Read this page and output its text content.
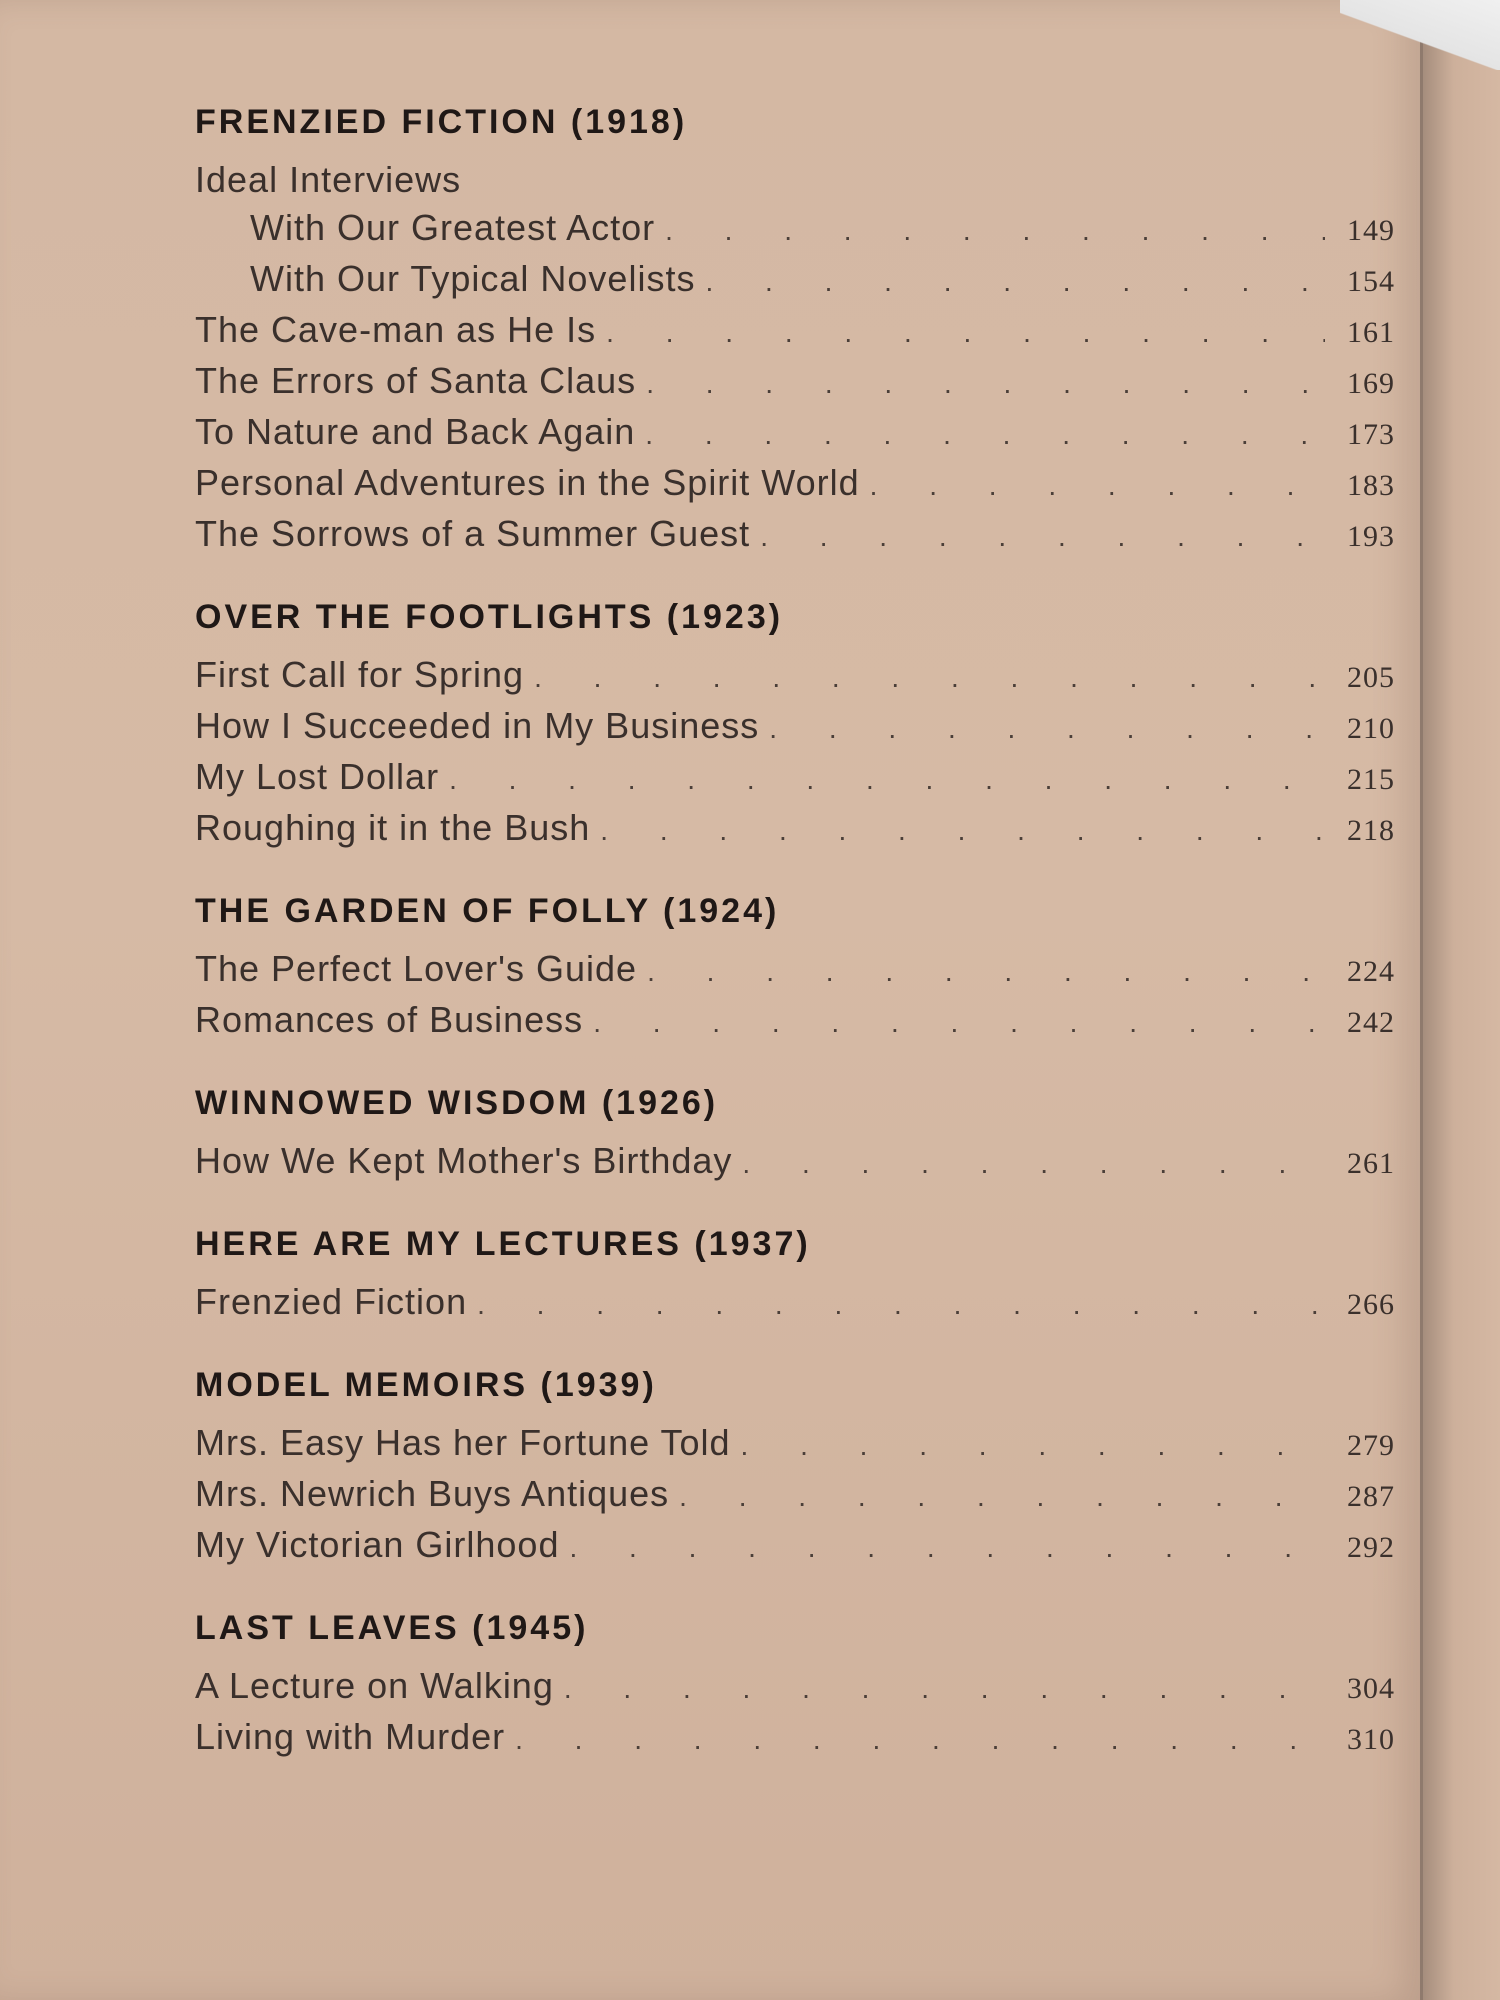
FRENZIED FICTION (1918)
Ideal Interviews
With Our Greatest Actor . . .	149
With Our Typical Novelists . . .	154
The Cave-man as He Is . . .	161
The Errors of Santa Claus . . .	169
To Nature and Back Again . . .	173
Personal Adventures in the Spirit World . . .	183
The Sorrows of a Summer Guest . . .	193
OVER THE FOOTLIGHTS (1923)
First Call for Spring . . .	205
How I Succeeded in My Business . . .	210
My Lost Dollar . . .	215
Roughing it in the Bush . . .	218
THE GARDEN OF FOLLY (1924)
The Perfect Lover's Guide . . .	224
Romances of Business . . .	242
WINNOWED WISDOM (1926)
How We Kept Mother's Birthday . . .	261
HERE ARE MY LECTURES (1937)
Frenzied Fiction . . .	266
MODEL MEMOIRS (1939)
Mrs. Easy Has her Fortune Told . . .	279
Mrs. Newrich Buys Antiques . . .	287
My Victorian Girlhood . . .	292
LAST LEAVES (1945)
A Lecture on Walking . . .	304
Living with Murder . . .	310
